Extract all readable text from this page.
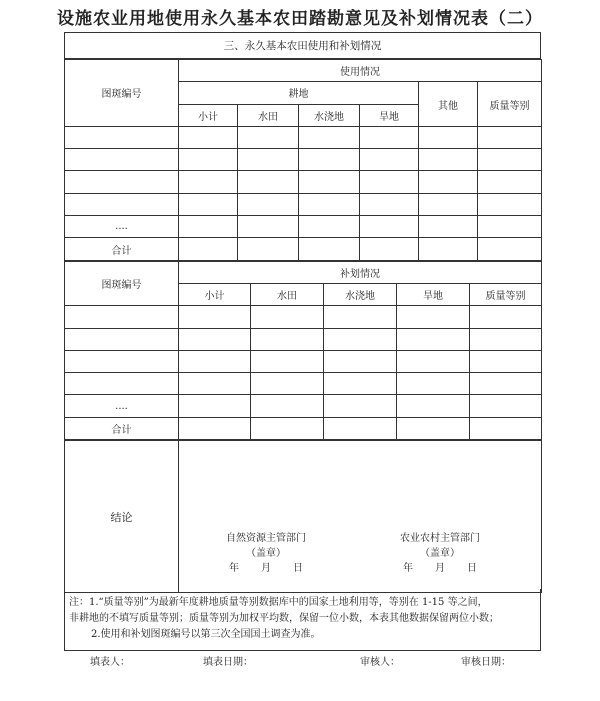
设施农业用地使用永久基本农田踏勘意见及补划情况表（二）
三、永久基本农田使用和补划情况
图斑编号	使用情况					
	耕地				其他	质量等别
	小计	水田	水浇地	旱地		

....						
合计						
图斑编号	补划情况				
	小计	水田	水浇地	旱地	质量等别

....					
合计					
结论	
自然资源主管部门
（盖章）
年 月 日
农业农村主管部门
（盖章）
年 月 日
注：1.“质量等别”为最新年度耕地质量等别数据库中的国家土地利用等，等别在 1-15 等之间，
非耕地的不填写质量等别；质量等别为加权平均数，保留一位小数，本表其他数据保留两位小数；
2.使用和补划图斑编号以第三次全国国土调查为准。
填表人：	填表日期：	审核人：	审核日期：
